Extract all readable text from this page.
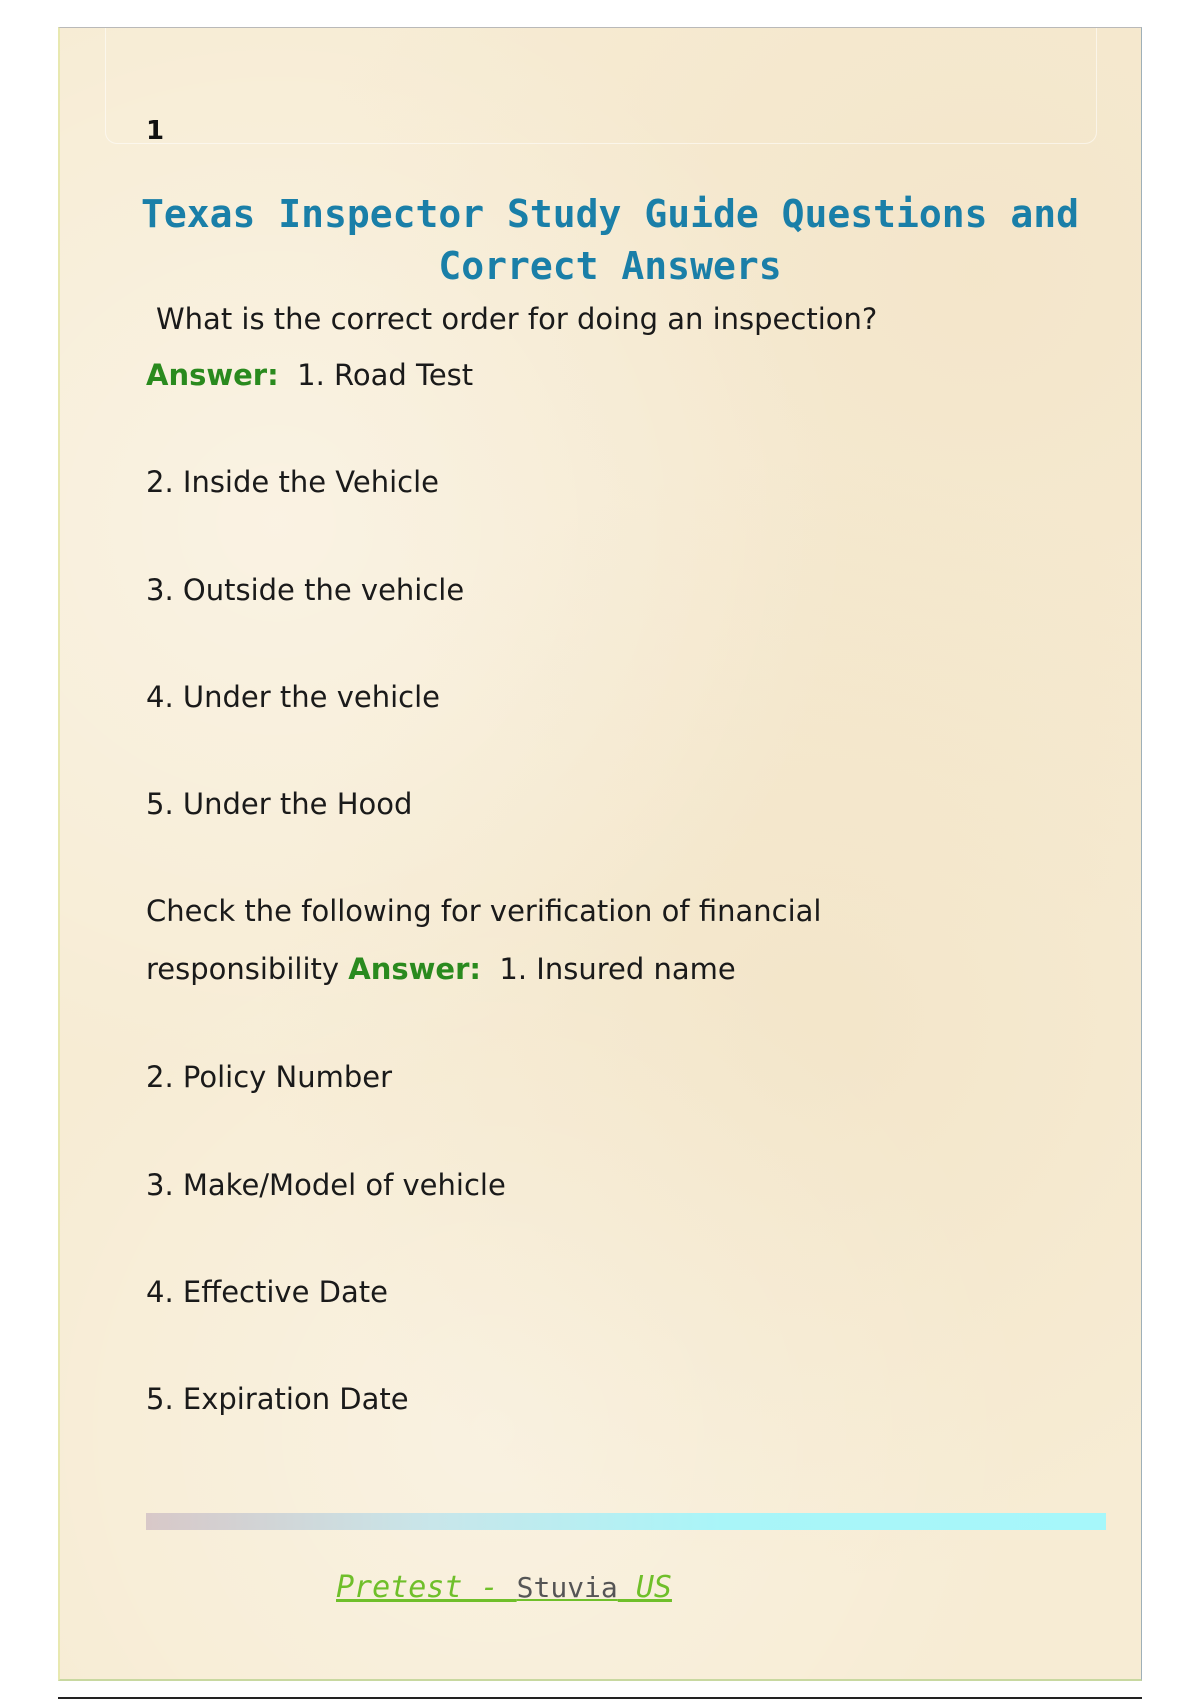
1
Texas Inspector Study Guide Questions and Correct Answers
What is the correct order for doing an inspection?
Answer: 1. Road Test
2. Inside the Vehicle
3. Outside the vehicle
4. Under the vehicle
5. Under the Hood
Check the following for verification of financial
responsibility Answer: 1. Insured name
2. Policy Number
3. Make/Model of vehicle
4. Effective Date
5. Expiration Date
Pretest - Stuvia US
